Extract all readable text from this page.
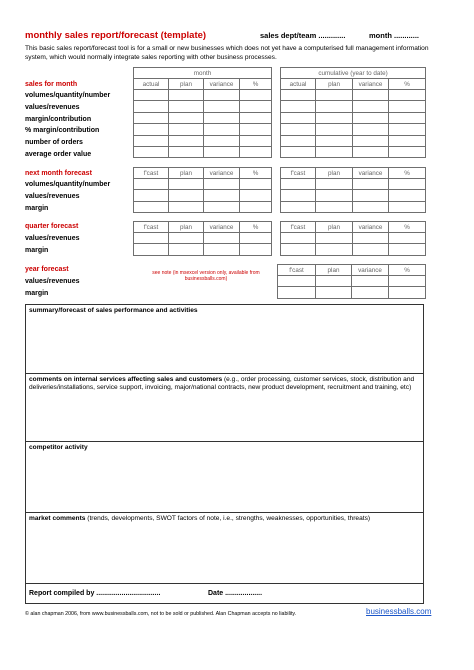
monthly sales report/forecast (template)	sales dept/team .............	month ............
This basic sales report/forecast tool is for a small or new businesses which does not yet have a computerised full management information system, which would normally integrate sales reporting with other business processes.
sales for month
volumes/quantity/number
values/revenues
margin/contribution
% margin/contribution
number of orders
average order value
month					cumulative (year to date)			
actual	plan	variance	%		actual	plan	variance	%

next month forecast
volumes/quantity/number
values/revenues
margin
f'cast	plan	variance	%		f'cast	plan	variance	%

quarter forecast
values/revenues
margin
f'cast	plan	variance	%		f'cast	plan	variance	%

year forecast
values/revenues
margin
see note (in msexcel version only, available from businessballs.com)
f'cast	plan	variance	%

summary/forecast of sales performance and activities
comments on internal services affecting sales and customers (e.g., order processing, customer services, stock, distribution and deliveries/installations, service support, invoicing, major/national contracts, new product development, recruitment and training, etc)
competitor activity
market comments (trends, developments, SWOT factors of note, i.e., strengths, weaknesses, opportunities, threats)
Report compiled by .................................	Date ...................
© alan chapman 2006, from www.businessballs.com, not to be sold or published. Alan Chapman accepts no liability.	businessballs.com
